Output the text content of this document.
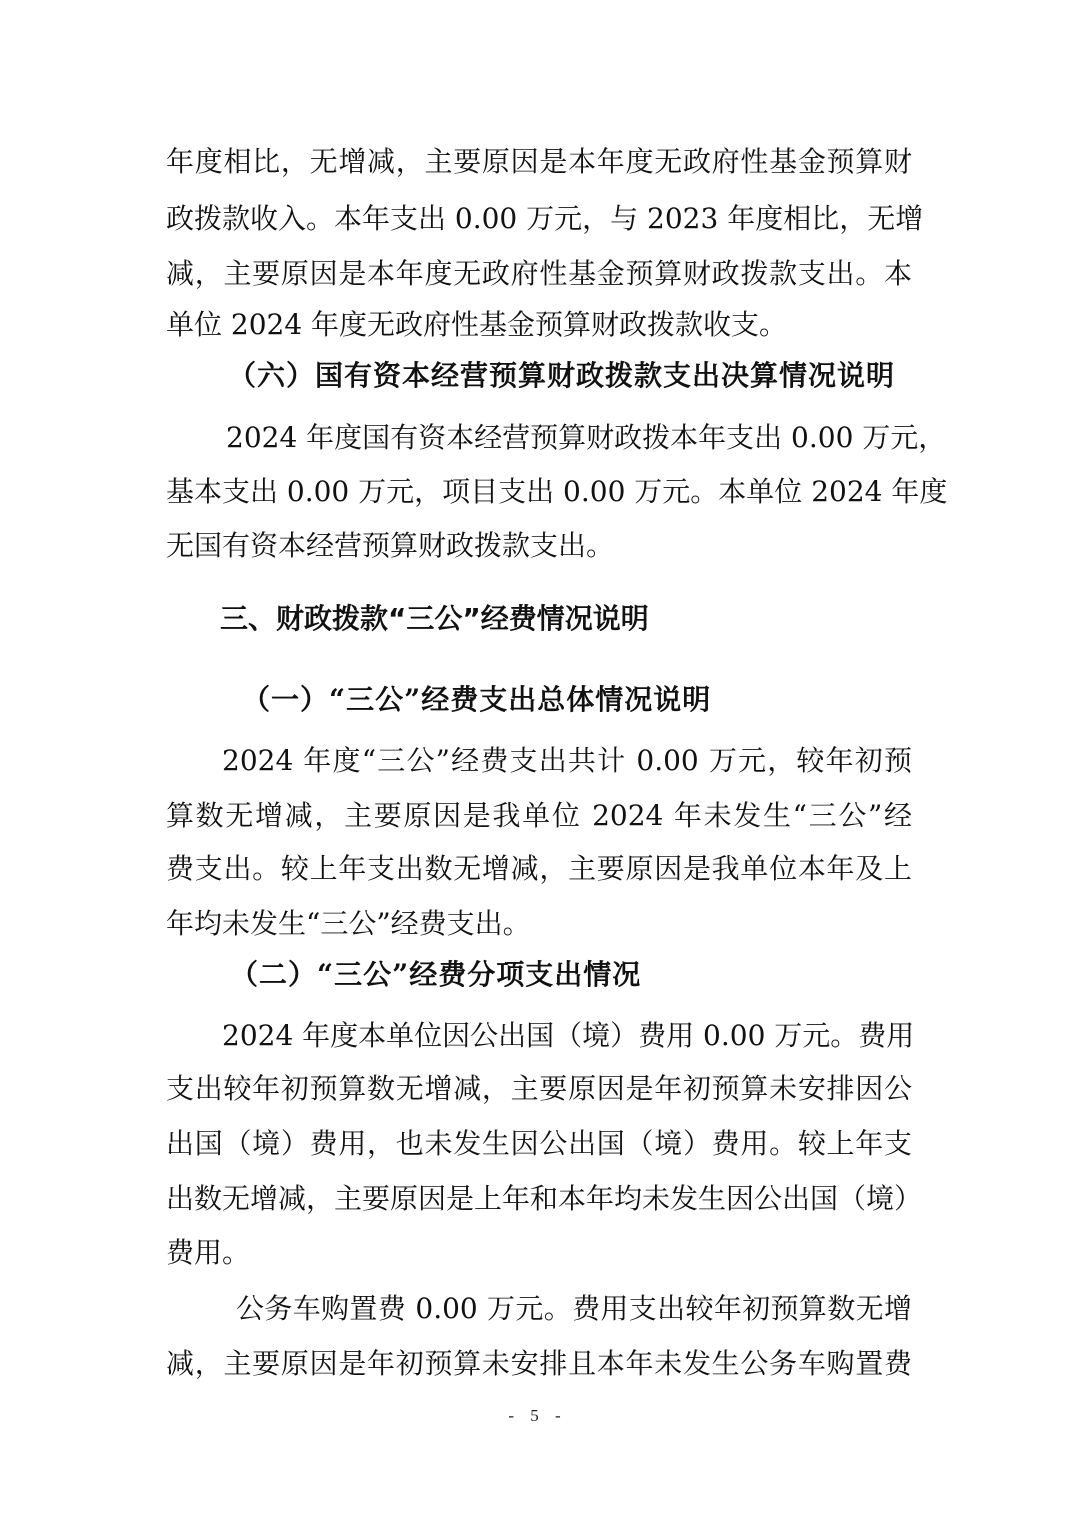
年度相比，无增减，主要原因是本年度无政府性基金预算财
政拨款收入。本年支出 0.00 万元，与 2023 年度相比，无增
减，主要原因是本年度无政府性基金预算财政拨款支出。本
单位 2024 年度无政府性基金预算财政拨款收支。
（六）国有资本经营预算财政拨款支出决算情况说明
2024 年度国有资本经营预算财政拨本年支出 0.00 万元，
基本支出 0.00 万元，项目支出 0.00 万元。本单位 2024 年度
无国有资本经营预算财政拨款支出。
三、财政拨款“三公”经费情况说明
（一）“三公”经费支出总体情况说明
2024 年度“三公”经费支出共计 0.00 万元，较年初预
算数无增减，主要原因是我单位 2024 年未发生“三公”经
费支出。较上年支出数无增减，主要原因是我单位本年及上
年均未发生“三公”经费支出。
（二）“三公”经费分项支出情况
2024 年度本单位因公出国（境）费用 0.00 万元。费用
支出较年初预算数无增减，主要原因是年初预算未安排因公
出国（境）费用，也未发生因公出国（境）费用。较上年支
出数无增减，主要原因是上年和本年均未发生因公出国（境）
费用。
公务车购置费 0.00 万元。费用支出较年初预算数无增
减，主要原因是年初预算未安排且本年未发生公务车购置费
- 5 -
